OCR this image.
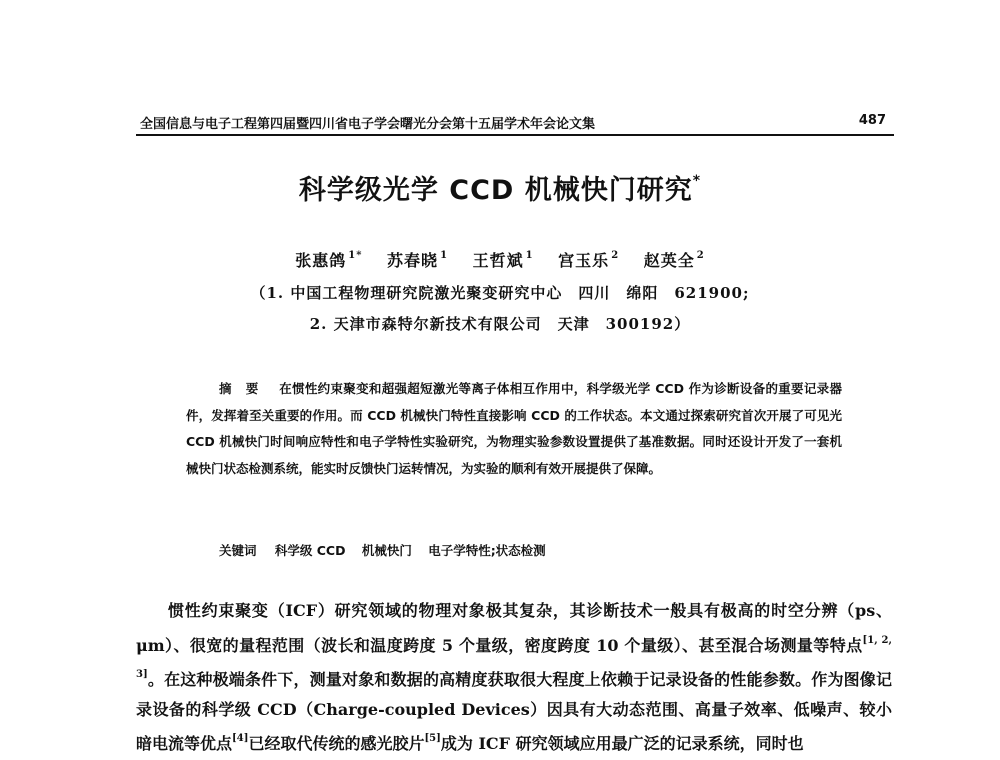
全国信息与电子工程第四届暨四川省电子学会曙光分会第十五届学术年会论文集	487
科学级光学 CCD 机械快门研究*
张惠鸽 $^{1*}$ 苏春晓 $^1$ 王哲斌 $^1$ 宫玉乐 $^2$ 赵英全 $^2$
（1. 中国工程物理研究院激光聚变研究中心　四川　绵阳　621900;
2. 天津市森特尔新技术有限公司　天津　300192）
摘要 在惯性约束聚变和超强超短激光等离子体相互作用中，科学级光学 CCD 作为诊断设备的重要记录器件，发挥着至关重要的作用。而 CCD 机械快门特性直接影响 CCD 的工作状态。本文通过探索研究首次开展了可见光 CCD 机械快门时间响应特性和电子学特性实验研究，为物理实验参数设置提供了基准数据。同时还设计开发了一套机械快门状态检测系统，能实时反馈快门运转情况，为实验的顺利有效开展提供了保障。
关键词 科学级 CCD 机械快门 电子学特性;状态检测
惯性约束聚变（ICF）研究领域的物理对象极其复杂，其诊断技术一般具有极高的时空分辨（ps、μm）、很宽的量程范围（波长和温度跨度 5 个量级，密度跨度 10 个量级）、甚至混合场测量等特点[1, 2, 3]。在这种极端条件下，测量对象和数据的高精度获取很大程度上依赖于记录设备的性能参数。作为图像记录设备的科学级 CCD（Charge-coupled Devices）因具有大动态范围、高量子效率、低噪声、较小暗电流等优点[4]已经取代传统的感光胶片[5]成为 ICF 研究领域应用最广泛的记录系统，同时也
